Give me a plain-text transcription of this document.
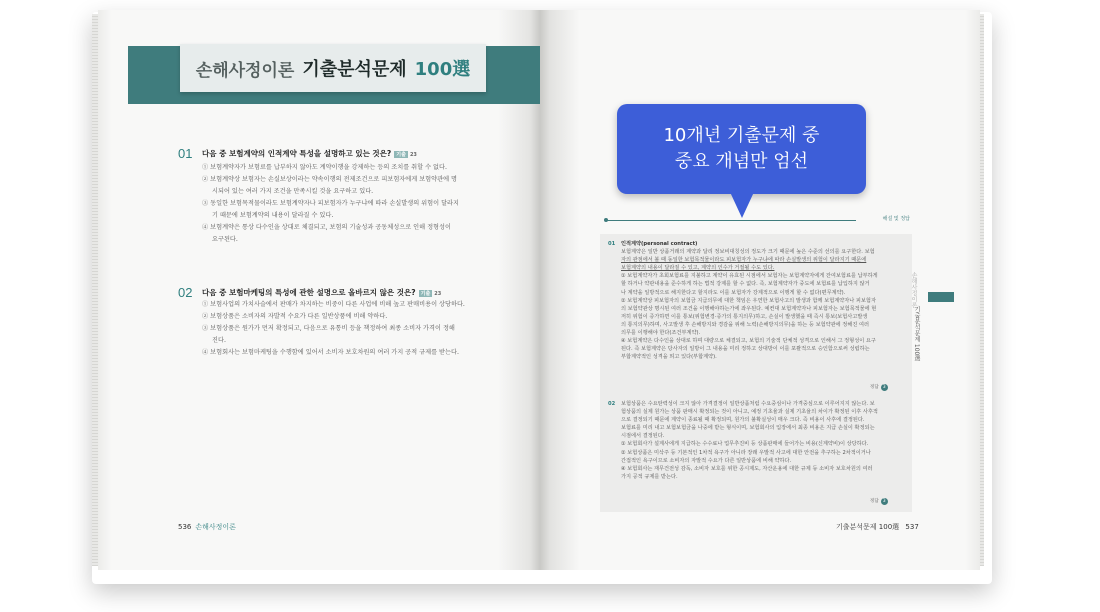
손해사정이론 기출분석문제 100選
01 다음 중 보험계약의 인적계약 특성을 설명하고 있는 것은? 기출 23
① 보험계약자가 보험료를 납부하지 않아도 계약이행을 강제하는 등의 조치를 취할 수 없다.
② 보험계약상 보험자는 손실보상이라는 약속이행의 전제조건으로 피보험자에게 보험약관에 명
시되어 있는 여러 가지 조건을 만족시킬 것을 요구하고 있다.
③ 동일한 보험목적물이라도 보험계약자나 피보험자가 누구냐에 따라 손실발생의 위험이 달라지
기 때문에 보험계약의 내용이 달라질 수 있다.
④ 보험계약은 통상 다수인을 상대로 체결되고, 보험의 기술성과 공동체성으로 인해 정형성이
요구된다.
02 다음 중 보험마케팅의 특성에 관한 설명으로 올바르지 않은 것은? 기출 23
① 보험사업의 가치사슬에서 판매가 차지하는 비중이 다른 사업에 비해 높고 판매비용이 상당하다.
② 보험상품은 소비자의 자발적 수요가 다른 일반상품에 비해 약하다.
③ 보험상품은 원가가 먼저 확정되고, 다음으로 유통비 등을 책정하여 최종 소비자 가격이 정해
진다.
④ 보험회사는 보험마케팅을 수행함에 있어서 소비자 보호차원의 여러 가지 공적 규제를 받는다.
536 손해사정이론
10개년 기출문제 중
중요 개념만 엄선
해설 및 정답
01 인적계약(personal contract)
보험계약은 일반 상품거래의 계약과 달리 정보비대칭성의 정도가 크기 때문에 높은 수준의 선의를 요구한다. 보험
자의 관점에서 볼 때 동일한 보험목적물이라도 피보험자가 누구냐에 따라 손실발생의 위험이 달라지기 때문에
보험계약의 내용이 달라질 수 있고, 계약의 인수가 거절될 수도 있다.
① 보험계약자가 초회보험료를 지불하고 계약이 유효된 시점에서 보험자는 보험계약자에게 잔여보험료를 납부하게
할 하거나 약관내용을 준수하게 하는 법적 강제를 할 수 없다. 즉, 보험계약자가 중도에 보험료를 납입하지 않거
나 계약을 일방적으로 해지한다고 할지라도 이를 보험자가 강제적으로 이행게 할 수 없다(편무계약).
② 보험계약상 피보험자의 보험금 지급의무에 대한 책임은 우연한 보험사고의 발생과 함께 보험계약자나 피보험자
의 보험약관상 명시된 여러 조건을 이행해야하는가에 좌우된다. 예컨대 보험계약자나 피보험자는 보험목적물에 현
저히 위험이 증가하면 이를 통보(위험변경·증가의 통지의무)하고, 손실이 발생했을 때 즉시 통보(보험사고발생
의 통지의무)하며, 사고발생 후 손해방지와 경감을 위해 노력(손해방지의무)을 하는 등 보험약관에 정해진 여러
의무를 이행해야 한다(조건부계약).
④ 보험계약은 다수인을 상대로 하며 대량으로 체결되고, 보험의 기술적 단체적 성격으로 인해서 그 정형성이 요구
된다. 즉 보험계약은 당사자의 일방이 그 내용을 미리 정하고 상대방이 이를 포괄적으로 승인함으로써 성립하는
부합계약적인 성격을 띄고 있다(부합계약).
정답 3
02 보험상품은 수요탄력성이 크지 않아 가격결정이 일반상품처럼 수요중심이나 가격중심으로 이루어지지 않는다. 보
험상품의 실제 원가는 상품 판매시 확정되는 것이 아니고, 예정 기초율과 실제 기초율의 차이가 확정된 이후 사후적
으로 결정되기 때문에 계약이 종료될 때 확정되며, 원가의 불확실성이 매우 크다. 즉 비용이 사후에 결정된다.
보험료를 미리 내고 보험보험금을 나중에 받는 형식이며, 보험회사의 입장에서 최종 비용은 지급 손실이 확정되는
시점에서 결정된다.
① 보험회사가 설계사에게 지급하는 수수료나 업무추진비 등 상품판매에 들어가는 비용(신계약비)이 상당하다.
② 보험상품은 미삭주 등 기본적인 1차적 욕구가 아니라 장래 우발적 사고에 대한 안전을 추구하는 2차적이거나
간접적인 욕구이므로 소비자의 자발적 수요가 다른 일반상품에 비해 약하다.
④ 보험회사는 재무건전성 감독, 소비자 보호를 위한 공시제도, 자산운용에 대한 규제 등 소비자 보호차원의 여러
가지 공적 규제를 받는다.
정답 3
손해사정이론
기출분석문제 100選
기출분석문제 100選 537
